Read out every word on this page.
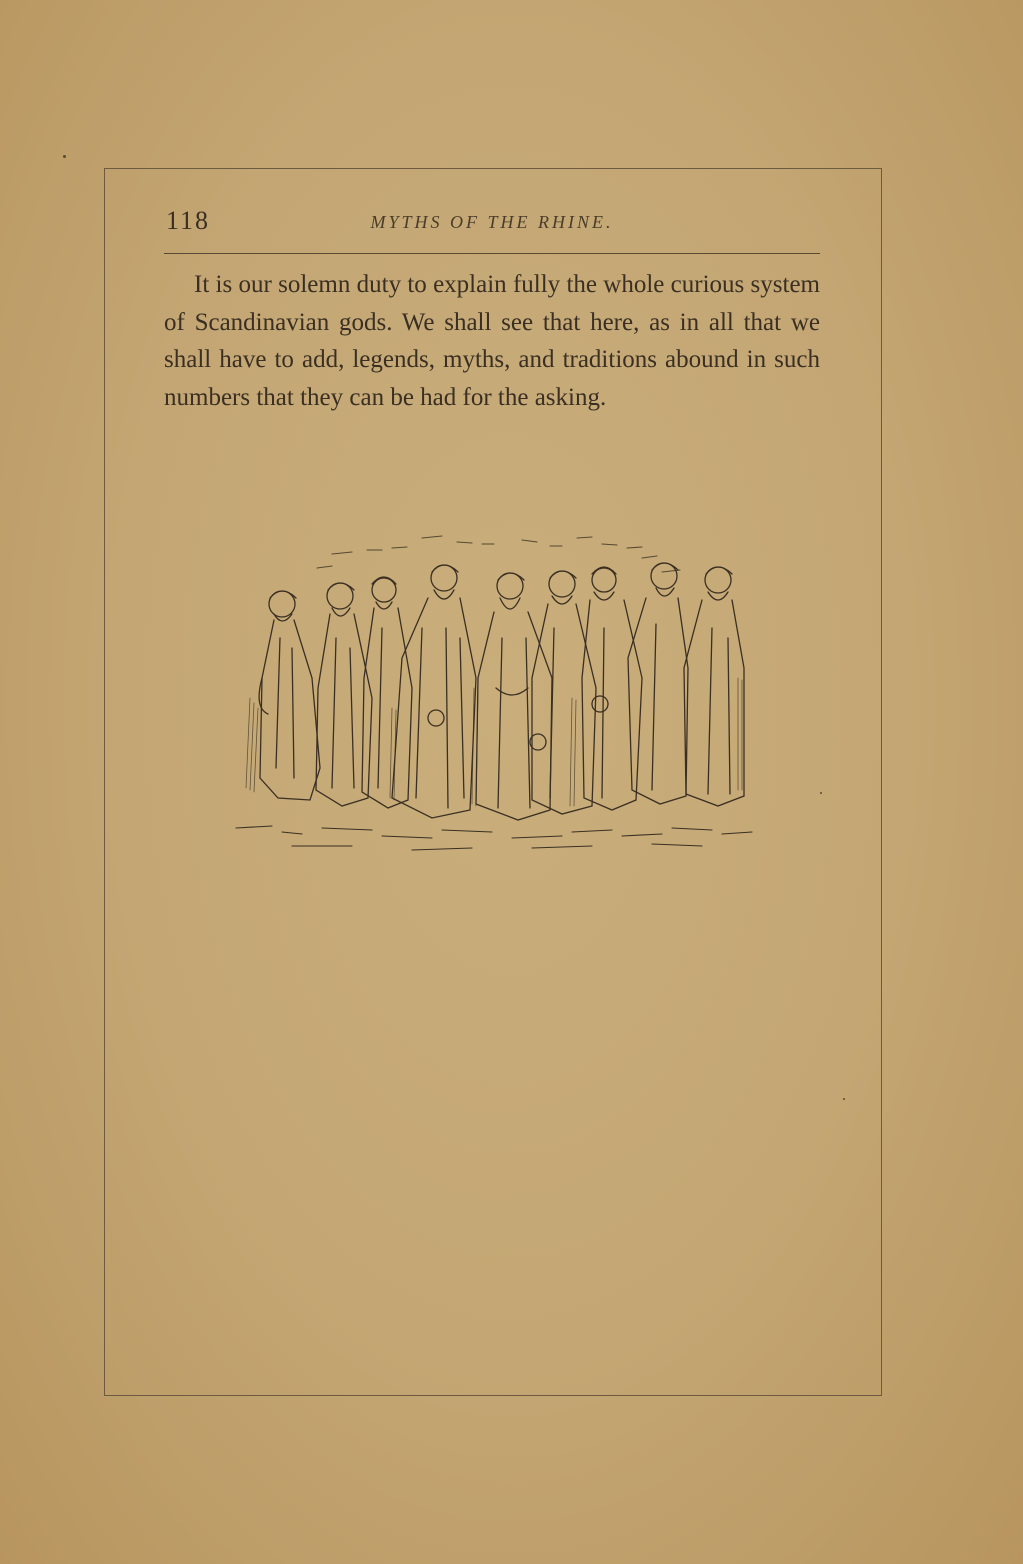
118	MYTHS OF THE RHINE.

It is our solemn duty to explain fully the whole curious system of Scandinavian gods. We shall see that here, as in all that we shall have to add, legends, myths, and traditions abound in such numbers that they can be had for the asking.
